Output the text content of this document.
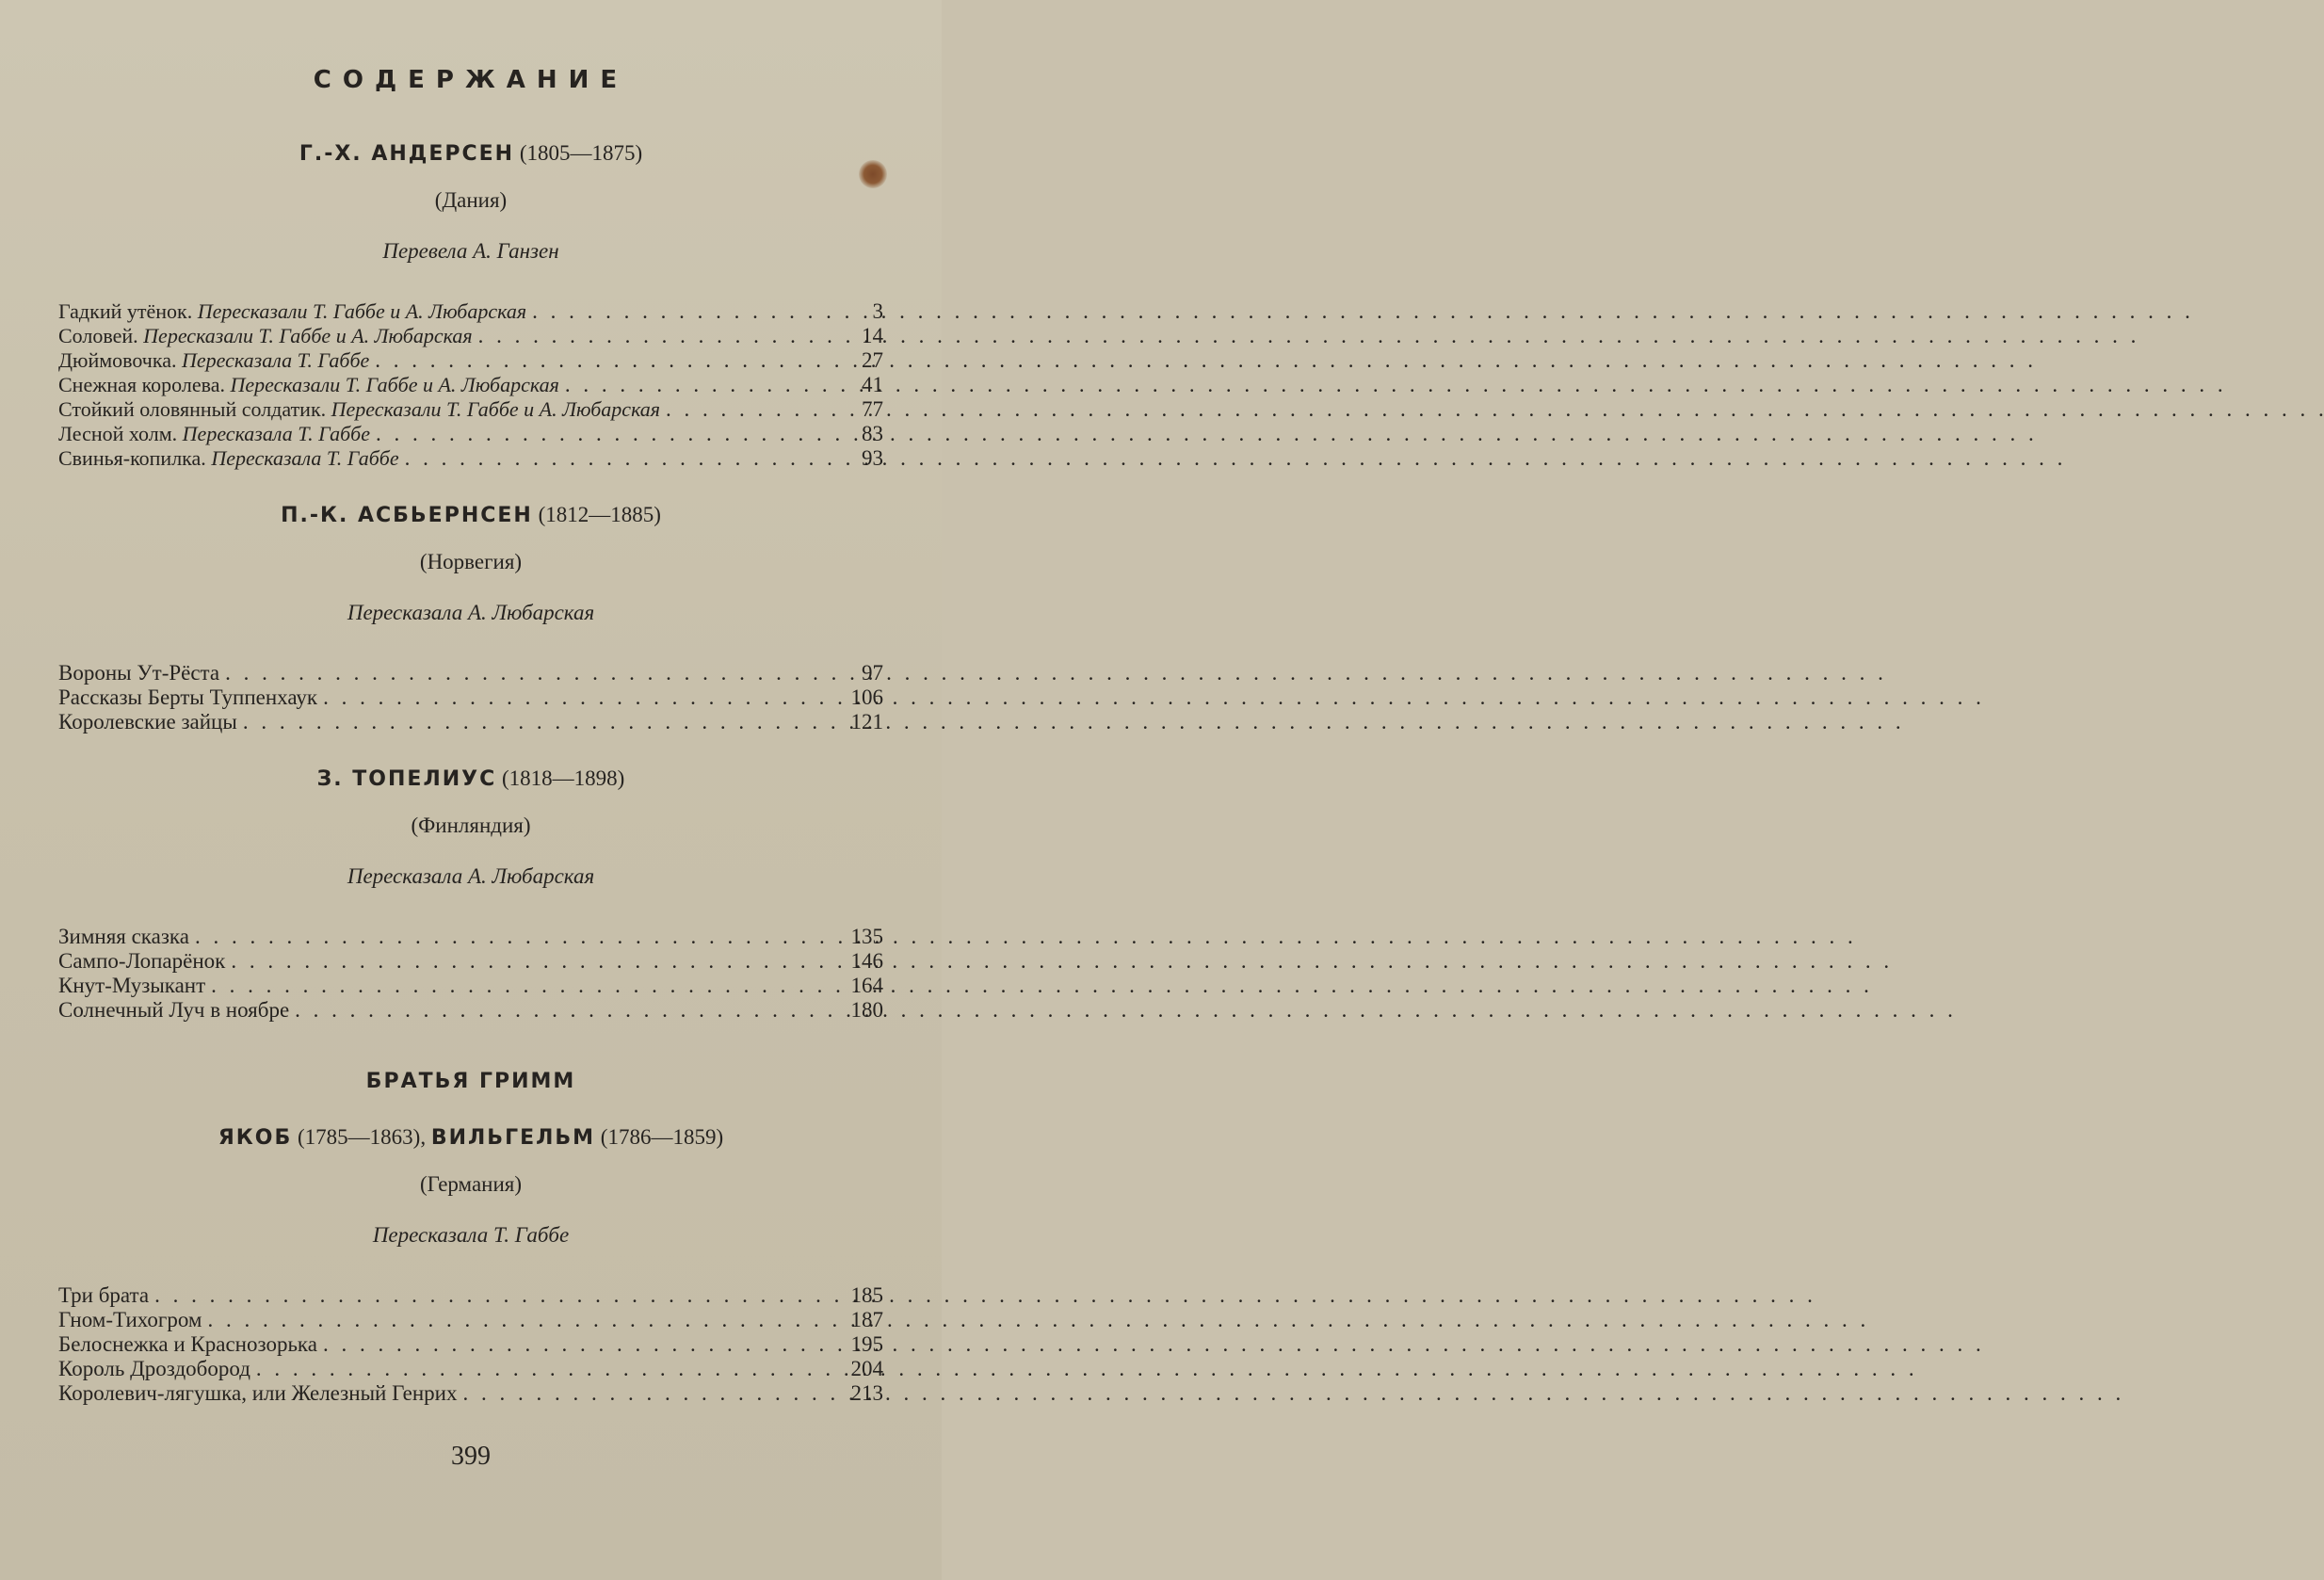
СОДЕРЖАНИЕ
Г.-Х. АНДЕРСЕН (1805—1875)
(Дания)
Перевела А. Ганзен
Гадкий утёнок. Пересказали Т. Габбе и А. Любарская . . .	3
Соловей. Пересказали Т. Габбе и А. Любарская . . .	14
Дюймовочка. Пересказала Т. Габбе . . .	27
Снежная королева. Пересказали Т. Габбе и А. Любарская . . .	41
Стойкий оловянный солдатик. Пересказали Т. Габбе и А. Любарская . . .	77
Лесной холм. Пересказала Т. Габбе . . .	83
Свинья-копилка. Пересказала Т. Габбе . . .	93
П.-К. АСБЬЕРНСЕН (1812—1885)
(Норвегия)
Пересказала А. Любарская
Вороны Ут-Рёста . . .	97
Рассказы Берты Туппенхаук . . .	106
Королевские зайцы . . .	121
З. ТОПЕЛИУС (1818—1898)
(Финляндия)
Пересказала А. Любарская
Зимняя сказка . . .	135
Сампо-Лопарёнок . . .	146
Кнут-Музыкант . . .	164
Солнечный Луч в ноябре . . .	180
БРАТЬЯ ГРИММ
ЯКОБ (1785—1863), ВИЛЬГЕЛЬМ (1786—1859)
(Германия)
Пересказала Т. Габбе
Три брата . . .	185
Гном-Тихогром . . .	187
Белоснежка и Краснозорька . . .	195
Король Дроздобород . . .	204
Королевич-лягушка, или Железный Генрих . . .	213
399
